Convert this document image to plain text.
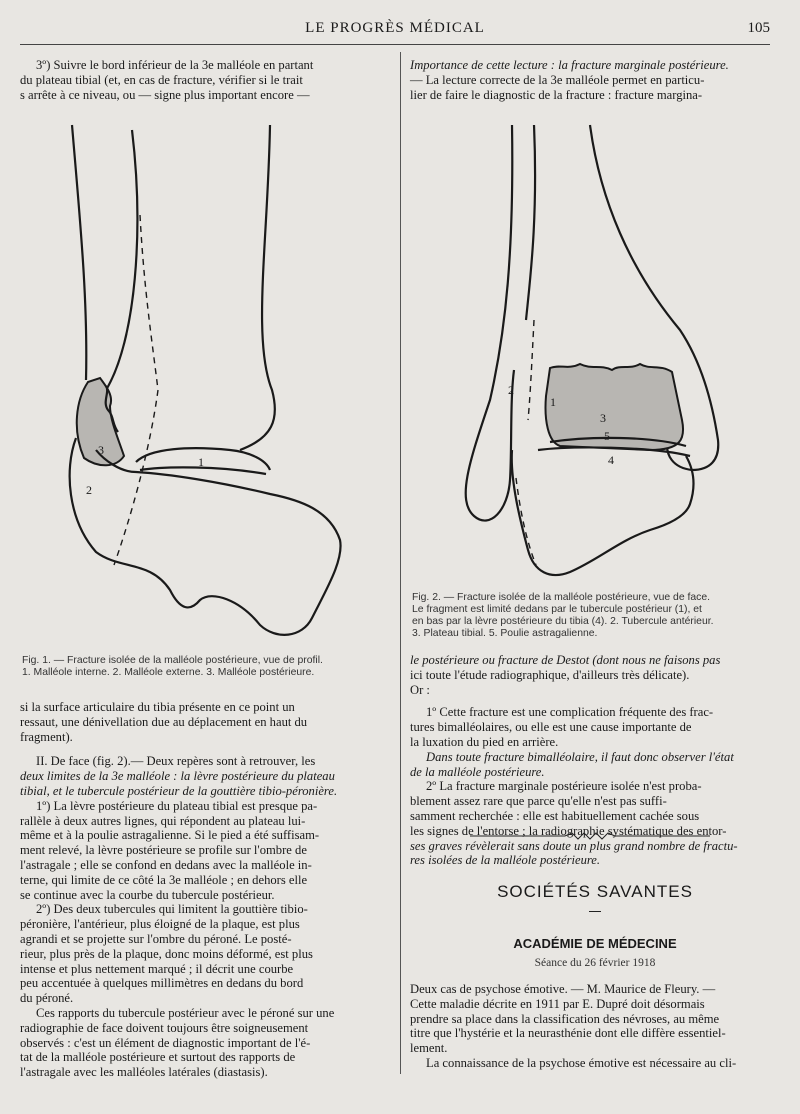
LE PROGRÈS MÉDICAL	105

3º) Suivre le bord inférieur de la 3e malléole en partant

du plateau tibial (et, en cas de fracture, vérifier si le trait

s arrête à ce niveau, ou — signe plus important encore —

3
2
1

Fig. 1. — Fracture isolée de la malléole postérieure, vue de profil.

1. Malléole interne. 2. Malléole externe. 3. Malléole postérieure.

si la surface articulaire du tibia présente en ce point un

ressaut, une dénivellation due au déplacement en haut du

fragment).

II. De face (fig. 2).— Deux repères sont à retrouver, les

deux limites de la 3e malléole : la lèvre postérieure du plateau

tibial, et le tubercule postérieur de la gouttière tibio-péronière.

1º) La lèvre postérieure du plateau tibial est presque pa-

rallèle à deux autres lignes, qui répondent au plateau lui-

même et à la poulie astragalienne. Si le pied a été suffisam-

ment relevé, la lèvre postérieure se profile sur l'ombre de

l'astragale ; elle se confond en dedans avec la malléole in-

terne, qui limite de ce côté la 3e malléole ; en dehors elle

se continue avec la courbe du tubercule postérieur.

2º) Des deux tubercules qui limitent la gouttière tibio-

péronière, l'antérieur, plus éloigné de la plaque, est plus

agrandi et se projette sur l'ombre du péroné. Le posté-

rieur, plus près de la plaque, donc moins déformé, est plus

intense et plus nettement marqué ; il décrit une courbe

peu accentuée à quelques millimètres en dedans du bord

du péroné.

Ces rapports du tubercule postérieur avec le péroné sur une

radiographie de face doivent toujours être soigneusement

observés : c'est un élément de diagnostic important de l'é-

tat de la malléole postérieure et surtout des rapports de

l'astragale avec les malléoles latérales (diastasis).

Importance de cette lecture : la fracture marginale postérieure.

— La lecture correcte de la 3e malléole permet en particu-

lier de faire le diagnostic de la fracture : fracture margina-

2
1
3
5
4

Fig. 2. — Fracture isolée de la malléole postérieure, vue de face.

Le fragment est limité dedans par le tubercule postérieur (1), et

en bas par la lèvre postérieure du tibia (4). 2. Tubercule antérieur.

3. Plateau tibial. 5. Poulie astragalienne.

le postérieure ou fracture de Destot (dont nous ne faisons pas

ici toute l'étude radiographique, d'ailleurs très délicate).

Or :

1º Cette fracture est une complication fréquente des frac-

tures bimalléolaires, ou elle est une cause importante de

la luxation du pied en arrière.

Dans toute fracture bimalléolaire, il faut donc observer l'état

de la malléole postérieure.

2º La fracture marginale postérieure isolée n'est proba-

blement assez rare que parce qu'elle n'est pas suffi-

samment recherchée : elle est habituellement cachée sous

les signes de l'entorse ; la radiographie systématique des entor-

ses graves révèlerait sans doute un plus grand nombre de fractu-

res isolées de la malléole postérieure.

SOCIÉTÉS SAVANTES
ACADÉMIE DE MÉDECINE
Séance du 26 février 1918

Deux cas de psychose émotive. — M. Maurice de Fleury. —

Cette maladie décrite en 1911 par E. Dupré doit désormais

prendre sa place dans la classification des névroses, au même

titre que l'hystérie et la neurasthénie dont elle diffère essentiel-

lement.

La connaissance de la psychose émotive est nécessaire au cli-
